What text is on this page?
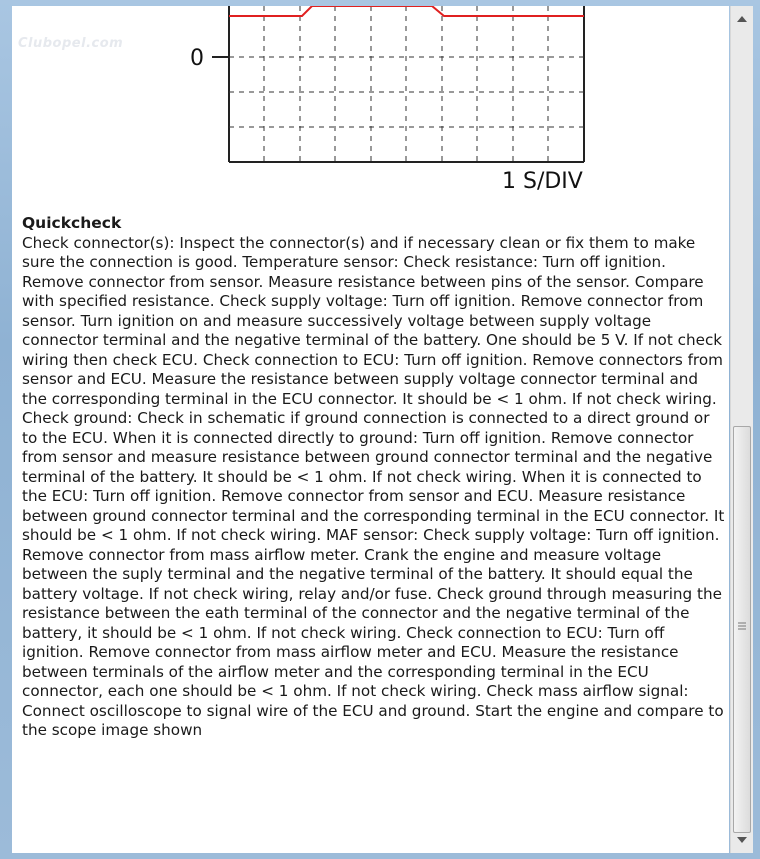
Clubopel.com
0
1 S/DIV
Quickcheck

Check connector(s): Inspect the connector(s) and if necessary clean or fix them to make sure the connection is good. Temperature sensor: Check resistance: Turn off ignition. Remove connector from sensor. Measure resistance between pins of the sensor. Compare with specified resistance. Check supply voltage: Turn off ignition. Remove connector from sensor. Turn ignition on and measure successively voltage between supply voltage connector terminal and the negative terminal of the battery. One should be 5 V. If not check wiring then check ECU. Check connection to ECU: Turn off ignition. Remove connectors from sensor and ECU. Measure the resistance between supply voltage connector terminal and the corresponding terminal in the ECU connector. It should be < 1 ohm. If not check wiring. Check ground: Check in schematic if ground connection is connected to a direct ground or to the ECU. When it is connected directly to ground: Turn off ignition. Remove connector from sensor and measure resistance between ground connector terminal and the negative terminal of the battery. It should be < 1 ohm. If not check wiring. When it is connected to the ECU: Turn off ignition. Remove connector from sensor and ECU. Measure resistance between ground connector terminal and the corresponding terminal in the ECU connector. It should be < 1 ohm. If not check wiring. MAF sensor: Check supply voltage: Turn off ignition. Remove connector from mass airflow meter. Crank the engine and measure voltage between the suply terminal and the negative terminal of the battery. It should equal the battery voltage. If not check wiring, relay and/or fuse. Check ground through measuring the resistance between the eath terminal of the connector and the negative terminal of the battery, it should be < 1 ohm. If not check wiring. Check connection to ECU: Turn off ignition. Remove connector from mass airflow meter and ECU. Measure the resistance between terminals of the airflow meter and the corresponding terminal in the ECU connector, each one should be < 1 ohm. If not check wiring. Check mass airflow signal: Connect oscilloscope to signal wire of the ECU and ground. Start the engine and compare to the scope image shown
